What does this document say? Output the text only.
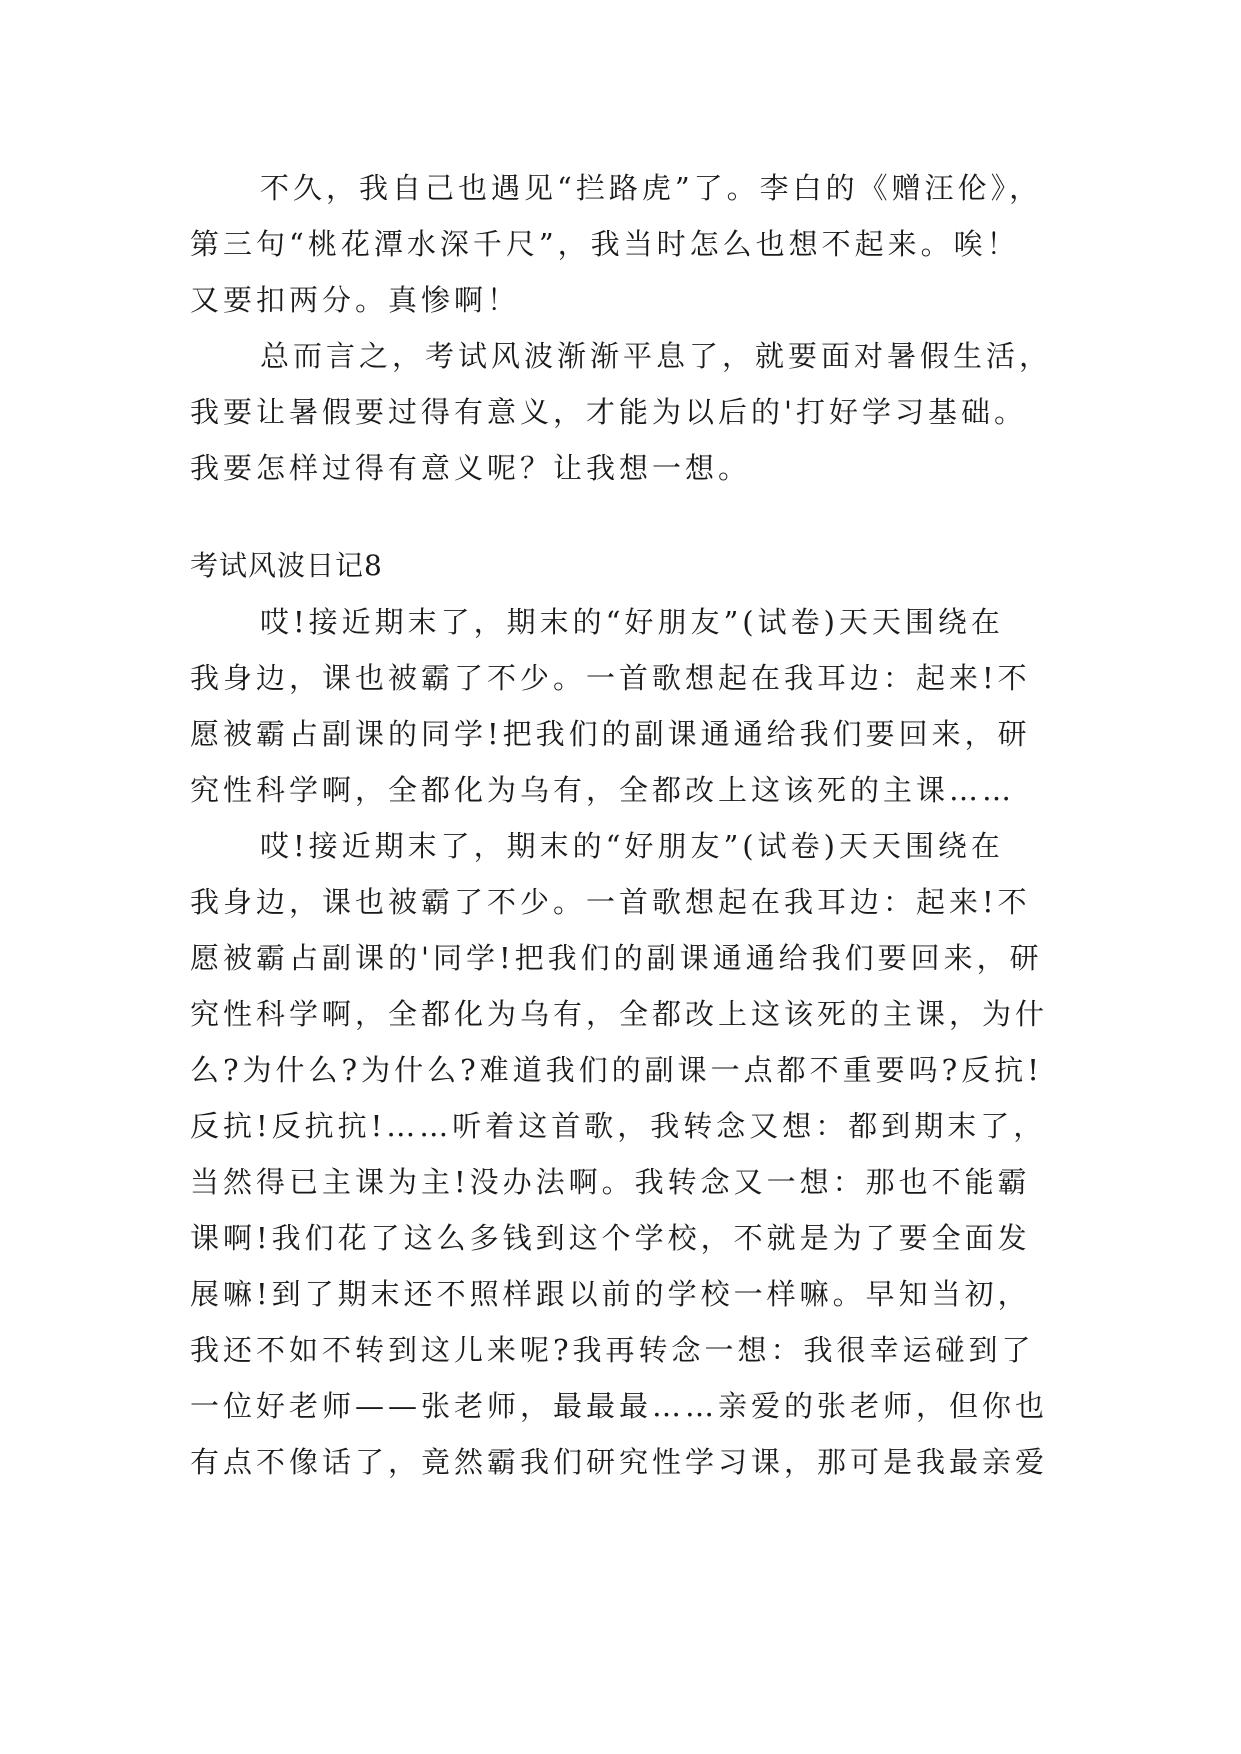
不久，我自己也遇见“拦路虎”了。李白的《赠汪伦》，
第三句“桃花潭水深千尺”，我当时怎么也想不起来。唉！
又要扣两分。真惨啊！
总而言之，考试风波渐渐平息了，就要面对暑假生活，
我要让暑假要过得有意义，才能为以后的'打好学习基础。
我要怎样过得有意义呢？让我想一想。
考试风波日记8
哎!接近期末了，期末的“好朋友”(试卷)天天围绕在
我身边，课也被霸了不少。一首歌想起在我耳边：起来!不
愿被霸占副课的同学!把我们的副课通通给我们要回来，研
究性科学啊，全都化为乌有，全都改上这该死的主课……
哎!接近期末了，期末的“好朋友”(试卷)天天围绕在
我身边，课也被霸了不少。一首歌想起在我耳边：起来!不
愿被霸占副课的'同学!把我们的副课通通给我们要回来，研
究性科学啊，全都化为乌有，全都改上这该死的主课，为什
么?为什么?为什么?难道我们的副课一点都不重要吗?反抗!
反抗!反抗抗!……听着这首歌，我转念又想：都到期末了，
当然得已主课为主!没办法啊。我转念又一想：那也不能霸
课啊!我们花了这么多钱到这个学校，不就是为了要全面发
展嘛!到了期末还不照样跟以前的学校一样嘛。早知当初，
我还不如不转到这儿来呢?我再转念一想：我很幸运碰到了
一位好老师——张老师，最最最……亲爱的张老师，但你也
有点不像话了，竟然霸我们研究性学习课，那可是我最亲爱
